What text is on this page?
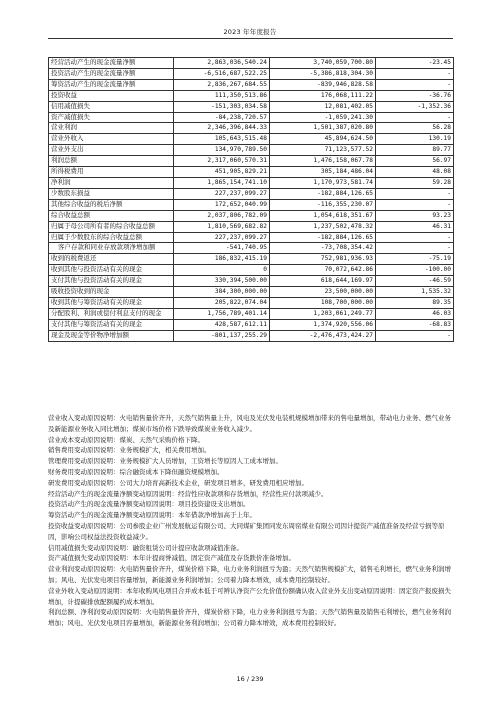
2023 年年度报告
经营活动产生的现金流量净额	2,863,036,540.24	3,740,059,700.80	-23.45
投资活动产生的现金流量净额	-6,516,687,522.25	-5,386,818,304.30	-
筹资活动产生的现金流量净额	2,836,267,684.55	-839,946,828.58	-
投资收益	111,350,513.86	176,068,111.22	-36.76
信用减值损失	-151,303,034.58	12,081,402.05	-1,352.36
资产减值损失	-84,238,720.57	-1,059,241.30	-
营业利润	2,346,396,844.33	1,501,387,020.80	56.28
营业外收入	105,643,515.48	45,894,624.50	130.19
营业外支出	134,970,789.50	71,123,577.52	89.77
利润总额	2,317,060,570.31	1,476,158,067.78	56.97
所得税费用	451,905,829.21	305,184,486.04	48.08
净利润	1,865,154,741.10	1,170,973,581.74	59.28
少数股东损益	227,237,099.27	-182,884,126.65	-
其他综合收益的税后净额	172,652,040.99	-116,355,230.07	-
综合收益总额	2,037,806,782.09	1,054,618,351.67	93.23
归属于母公司所有者的综合收益总额	1,810,569,682.82	1,237,502,478.32	46.31
归属于少数股东的综合收益总额	227,237,099.27	-182,884,126.65	-
客户存款和同业存放款项净增加额	-541,740.95	-73,708,354.42	-
收到的税费返还	186,832,415.19	752,981,936.93	-75.19
收到其他与投资活动有关的现金	0	70,072,642.86	-100.00
支付其他与投资活动有关的现金	330,394,500.00	618,644,169.97	-46.59
吸收投资收到的现金	384,300,000.00	23,500,000.00	1,535.32
收到其他与筹资活动有关的现金	205,822,074.04	108,700,000.00	89.35
分配股利、利润或偿付利息支付的现金	1,756,789,401.14	1,203,061,249.77	46.03
支付其他与筹资活动有关的现金	428,587,612.11	1,374,920,556.06	-68.83
现金及现金等价物净增加额	-801,137,255.29	-2,476,473,424.27	-

营业收入变动原因说明：火电销售量价齐升，天然气销售量上升，风电及光伏发电装机规模增加带来的售电量增加，带动电力业务、燃气业务及新能源业务收入同比增加；煤炭市场价格下跌导致煤炭业务收入减少。

营业成本变动原因说明：煤炭、天然气采购价格下降。

销售费用变动原因说明：业务规模扩大，相关费用增加。

管理费用变动原因说明：业务规模扩大人员增加，工资增长等原因人工成本增加。

财务费用变动原因说明：综合融资成本下降但融资规模增加。

研发费用变动原因说明：公司大力培育高新技术企业，研发项目增多，研发费用相应增加。

经营活动产生的现金流量净额变动原因说明：经营性应收款项和存货增加，经营性应付款项减少。

投资活动产生的现金流量净额变动原因说明：项目投资建设支出增加。

筹资活动产生的现金流量净额变动原因说明：本年借款净增加高于上年。

投资收益变动原因说明：公司参股企业广州发展航运有限公司、大同煤矿集团同发东周窑煤业有限公司因计提资产减值准备及经营亏损等原因，影响公司权益法投资收益减少。

信用减值损失变动原因说明：融资租赁公司计提应收款项减值准备。

资产减值损失变动原因说明：本年计提商誉减值、固定资产减值及存货跌价准备增加。

营业利润变动原因说明：火电销售量价齐升，煤炭价格下降，电力业务利润扭亏为盈；天然气销售规模扩大，销售毛利增长，燃气业务利润增加；风电、光伏发电项目容量增加，新能源业务利润增加；公司着力降本增效，成本费用控制较好。

营业外收入变动原因说明：本年收购风电项目合并成本低于可辨认净资产公允价值份额确认收入营业外支出变动原因说明：固定资产报废损失增加，计提碳排放配额履约成本增加。

利润总额、净利润变动原因说明：火电销售量价齐升，煤炭价格下降，电力业务利润扭亏为盈；天然气销售量及销售毛利增长，燃气业务利润增加；风电、光伏发电项目容量增加，新能源业务利润增加；公司着力降本增效，成本费用控制较好。

16 / 239
